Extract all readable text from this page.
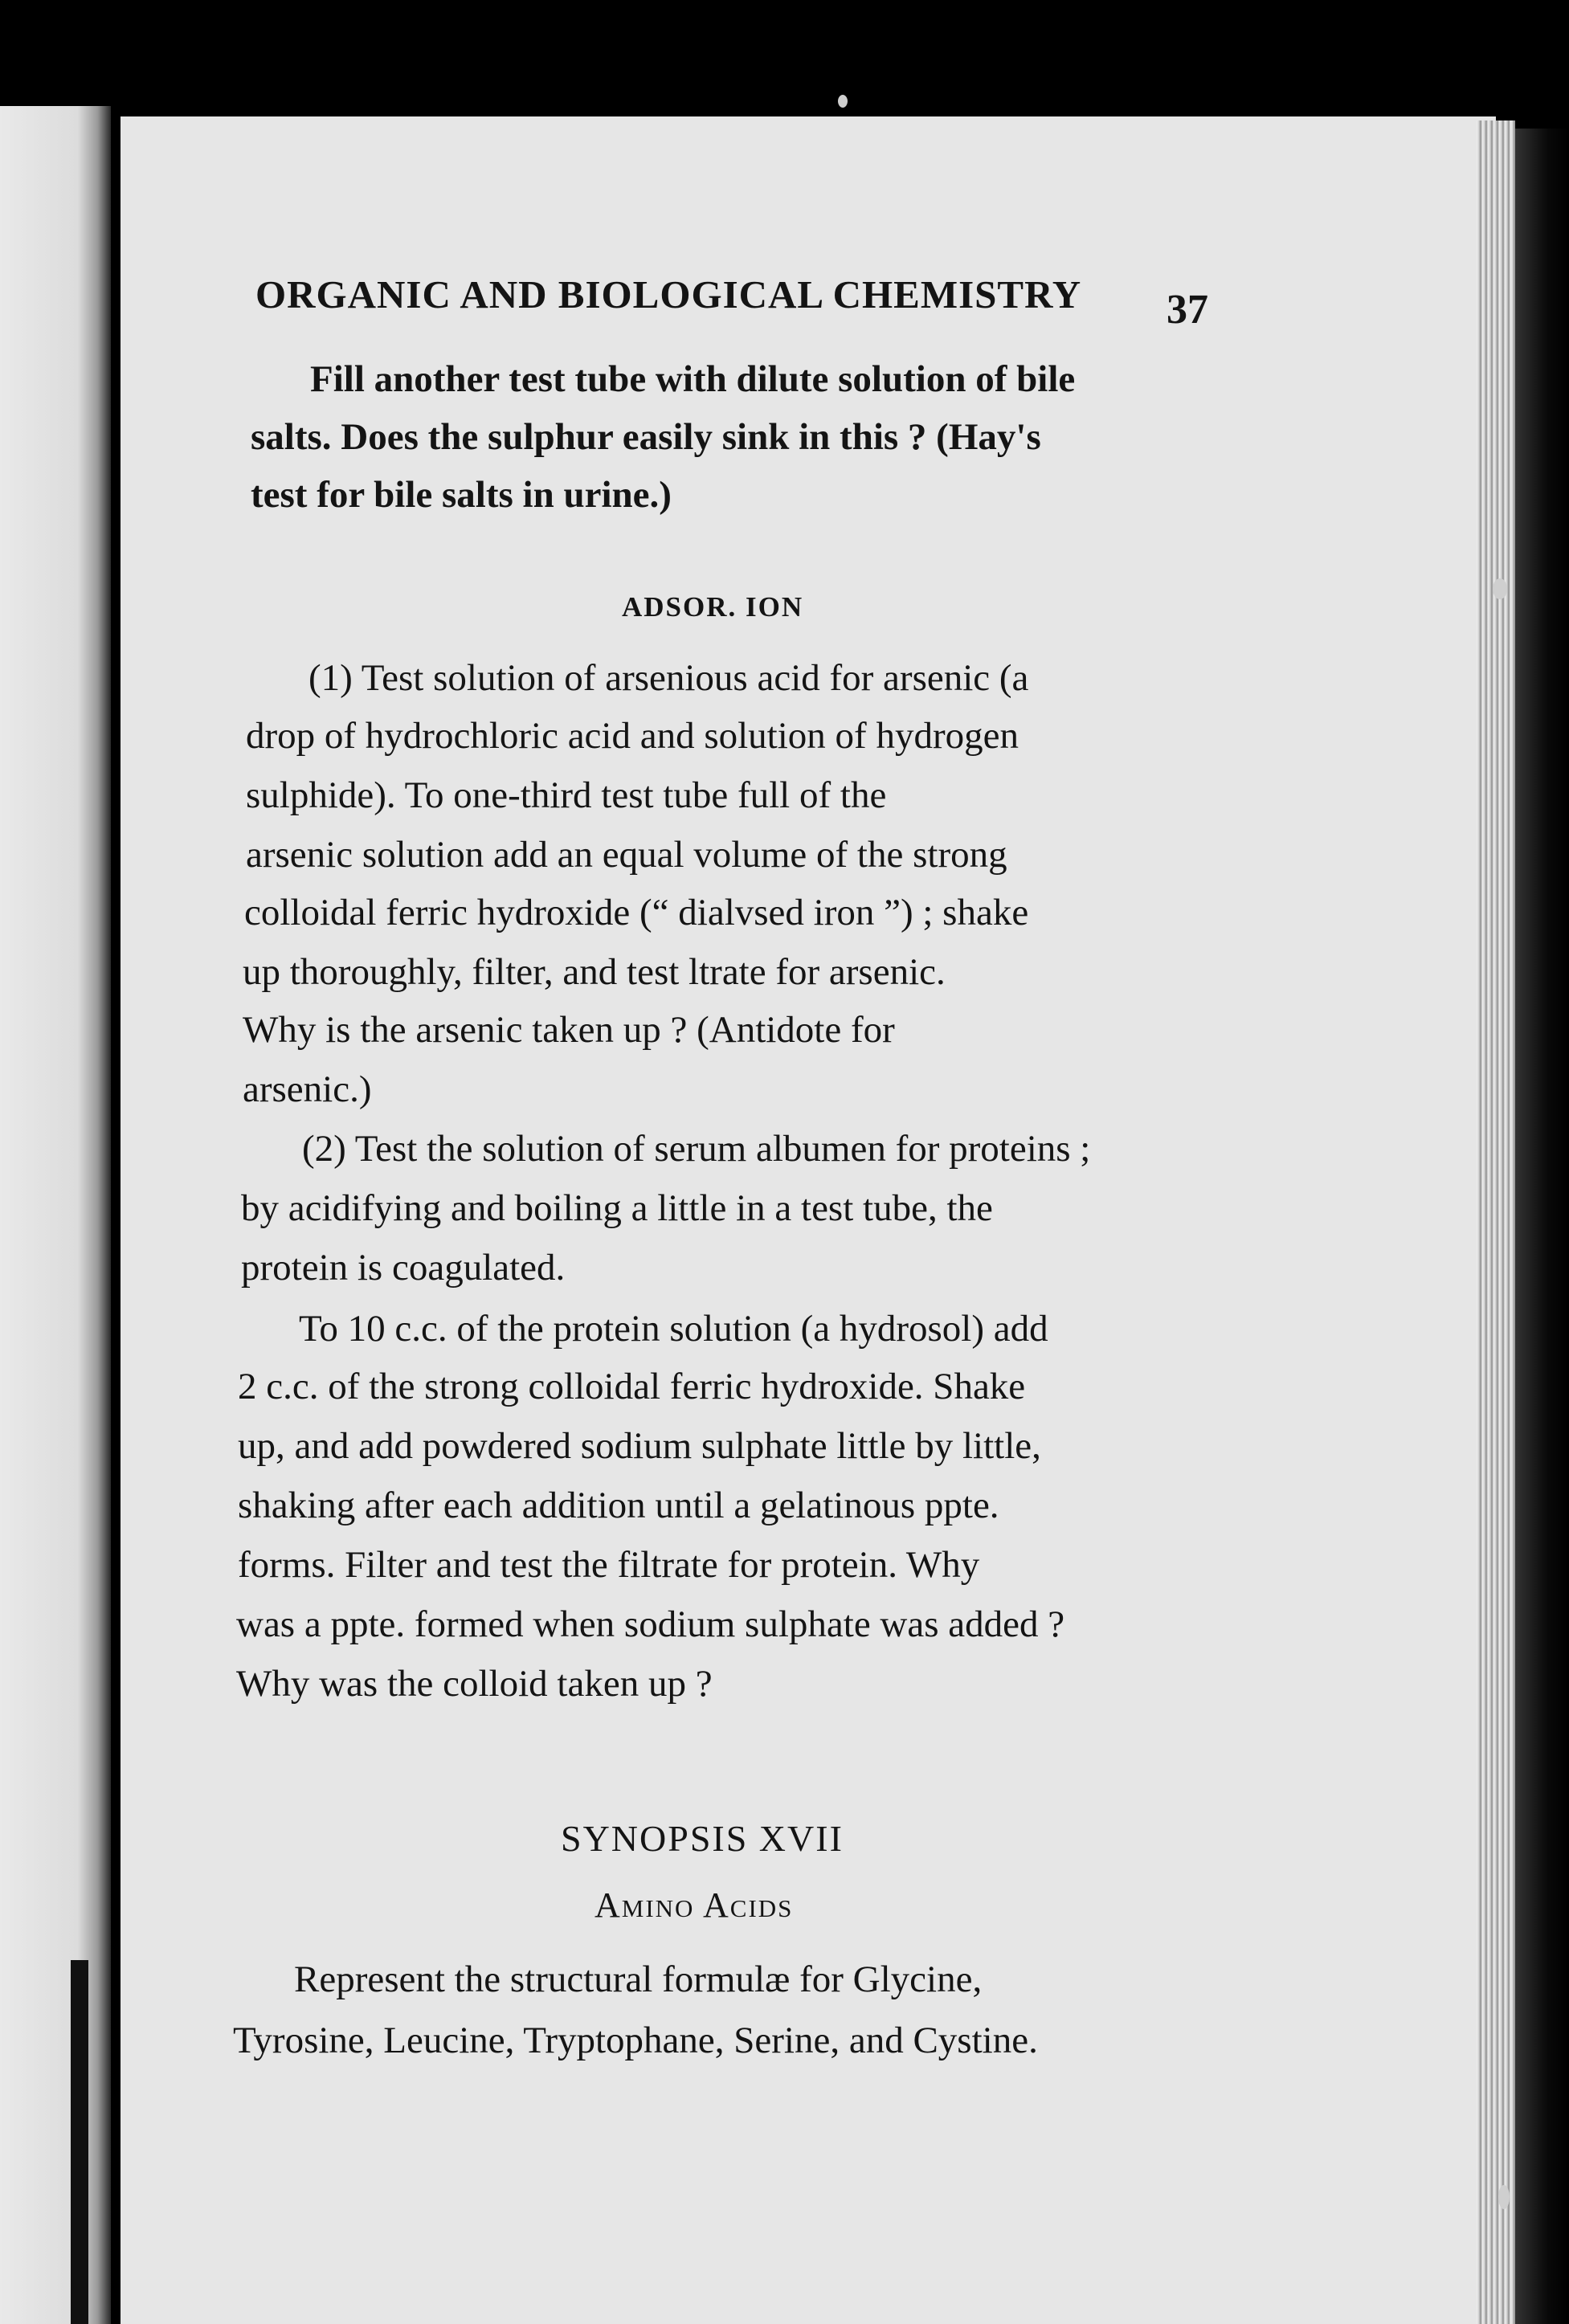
ORGANIC AND BIOLOGICAL CHEMISTRY	37
Fill another test tube with dilute solution of bile
salts. Does the sulphur easily sink in this ? (Hay's
test for bile salts in urine.)
ADSOR. ION
(1) Test solution of arsenious acid for arsenic (a
drop of hydrochloric acid and solution of hydrogen
sulphide). To one-third test tube full of the
arsenic solution add an equal volume of the strong
colloidal ferric hydroxide (“ dialvsed iron ”) ; shake
up thoroughly, filter, and test ltrate for arsenic.
Why is the arsenic taken up ? (Antidote for
arsenic.)
(2) Test the solution of serum albumen for proteins ;
by acidifying and boiling a little in a test tube, the
protein is coagulated.
To 10 c.c. of the protein solution (a hydrosol) add
2 c.c. of the strong colloidal ferric hydroxide. Shake
up, and add powdered sodium sulphate little by little,
shaking after each addition until a gelatinous ppte.
forms. Filter and test the filtrate for protein. Why
was a ppte. formed when sodium sulphate was added ?
Why was the colloid taken up ?
SYNOPSIS XVII
Amino Acids
Represent the structural formulæ for Glycine,
Tyrosine, Leucine, Tryptophane, Serine, and Cystine.
